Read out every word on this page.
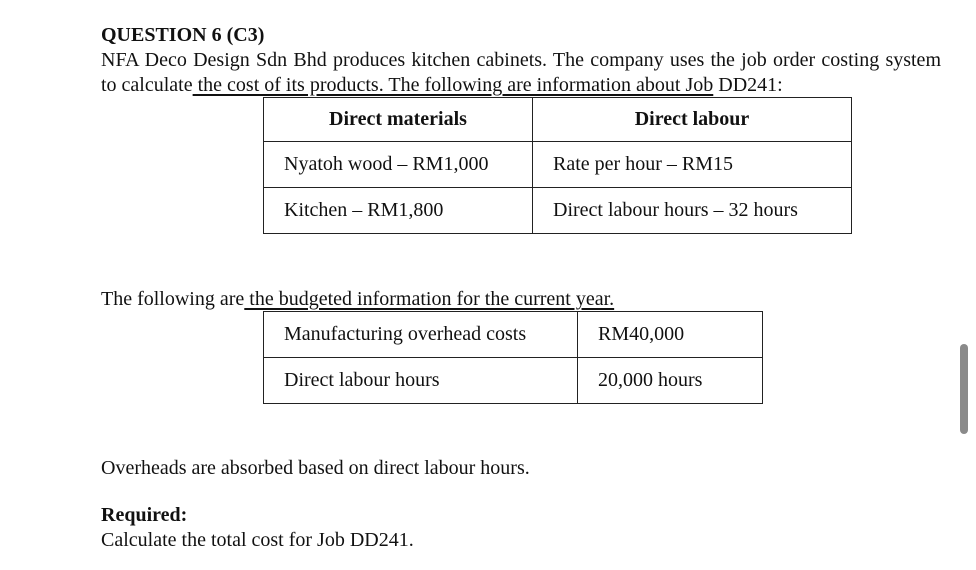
QUESTION 6 (C3)

NFA Deco Design Sdn Bhd produces kitchen cabinets. The company uses the job order costing system to calculate the cost of its products. The following are information about Job DD241:

Direct materials	Direct labour
Nyatoh wood – RM1,000	Rate per hour – RM15
Kitchen – RM1,800	Direct labour hours – 32 hours

The following are the budgeted information for the current year.

Manufacturing overhead costs	RM40,000
Direct labour hours	20,000 hours

Overheads are absorbed based on direct labour hours.

Required:

Calculate the total cost for Job DD241.
